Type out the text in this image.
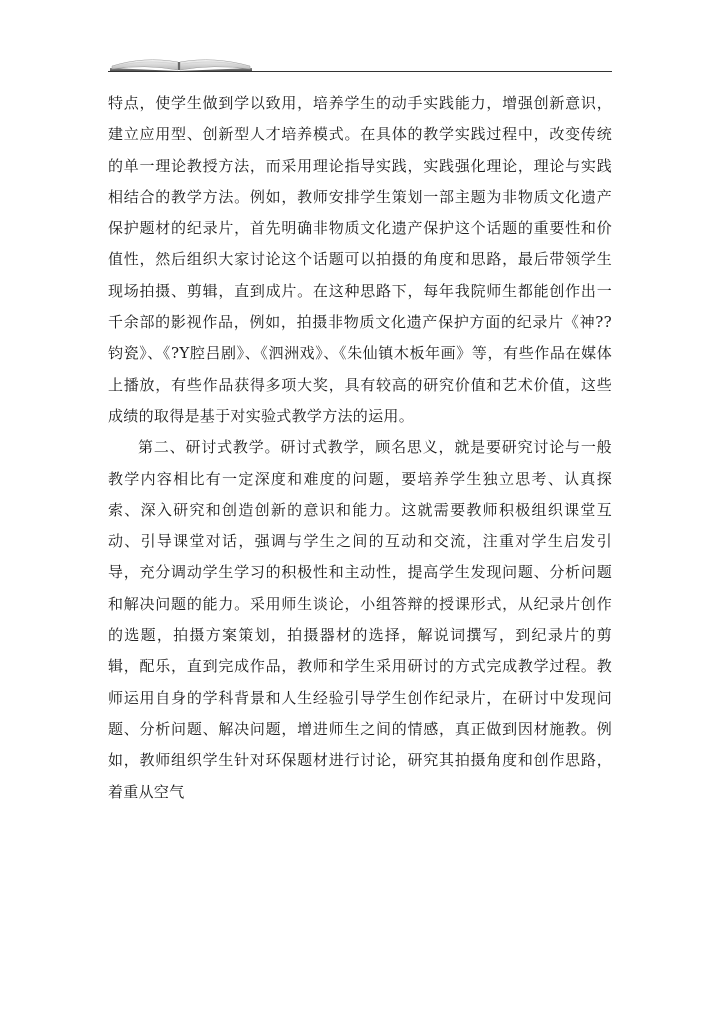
特点，使学生做到学以致用，培养学生的动手实践能力，增强创新意识，建立应用型、创新型人才培养模式。在具体的教学实践过程中，改变传统的单一理论教授方法，而采用理论指导实践，实践强化理论，理论与实践相结合的教学方法。例如，教师安排学生策划一部主题为非物质文化遗产保护题材的纪录片，首先明确非物质文化遗产保护这个话题的重要性和价值性，然后组织大家讨论这个话题可以拍摄的角度和思路，最后带领学生现场拍摄、剪辑，直到成片。在这种思路下，每年我院师生都能创作出一千余部的影视作品，例如，拍摄非物质文化遗产保护方面的纪录片《神??钧瓷》、《?Y腔吕剧》、《泗洲戏》、《朱仙镇木板年画》等，有些作品在媒体上播放，有些作品获得多项大奖，具有较高的研究价值和艺术价值，这些成绩的取得是基于对实验式教学方法的运用。

第二、研讨式教学。研讨式教学，顾名思义，就是要研究讨论与一般教学内容相比有一定深度和难度的问题，要培养学生独立思考、认真探索、深入研究和创造创新的意识和能力。这就需要教师积极组织课堂互动、引导课堂对话，强调与学生之间的互动和交流，注重对学生启发引导，充分调动学生学习的积极性和主动性，提高学生发现问题、分析问题和解决问题的能力。采用师生谈论，小组答辩的授课形式，从纪录片创作的选题，拍摄方案策划，拍摄器材的选择，解说词撰写，到纪录片的剪辑，配乐，直到完成作品，教师和学生采用研讨的方式完成教学过程。教师运用自身的学科背景和人生经验引导学生创作纪录片，在研讨中发现问题、分析问题、解决问题，增进师生之间的情感，真正做到因材施教。例如，教师组织学生针对环保题材进行讨论，研究其拍摄角度和创作思路，着重从空气
